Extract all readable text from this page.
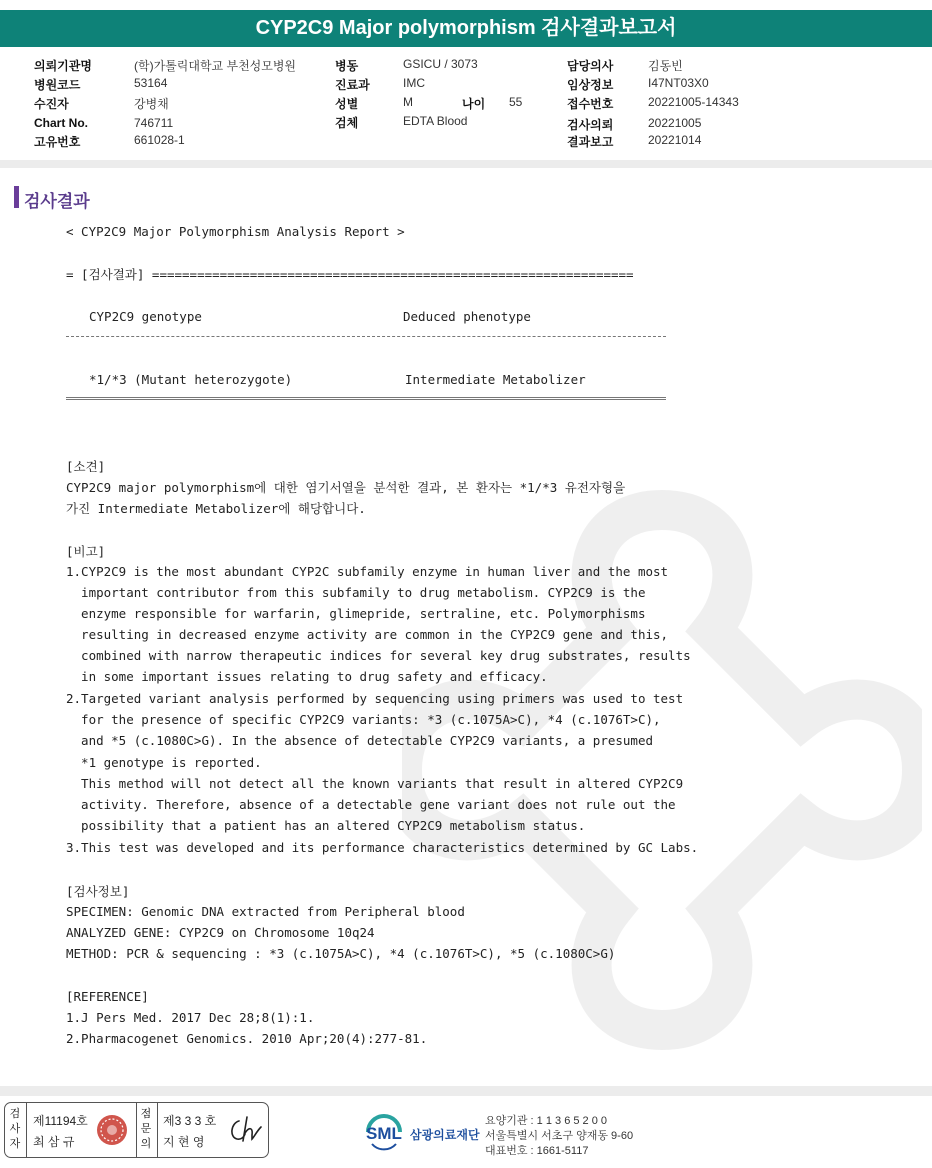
CYP2C9 Major polymorphism 검사결과보고서
의뢰기관명	(학)가톨릭대학교 부천성모병원
병원코드	53164
수진자	강병채
Chart No.	746711
고유번호	661028-1
병동	GSICU / 3073
진료과	IMC
성별	M	나이 55
검체	EDTA Blood
담당의사	김동빈
임상정보	I47NT03X0
접수번호	20221005-14343
검사의뢰	20221005
결과보고	20221014
검사결과
< CYP2C9 Major Polymorphism Analysis Report >
= [검사결과] ================================================================
CYP2C9 genotype	Deduced phenotype
*1/*3 (Mutant heterozygote)	Intermediate Metabolizer
[소견]
CYP2C9 major polymorphism에 대한 염기서열을 분석한 결과, 본 환자는 *1/*3 유전자형을
가진 Intermediate Metabolizer에 해당합니다.
[비고]
1.CYP2C9 is the most abundant CYP2C subfamily enzyme in human liver and the most
important contributor from this subfamily to drug metabolism. CYP2C9 is the
enzyme responsible for warfarin, glimepride, sertraline, etc. Polymorphisms
resulting in decreased enzyme activity are common in the CYP2C9 gene and this,
combined with narrow therapeutic indices for several key drug substrates, results
in some important issues relating to drug safety and efficacy.
2.Targeted variant analysis performed by sequencing using primers was used to test
for the presence of specific CYP2C9 variants: *3 (c.1075A>C), *4 (c.1076T>C),
and *5 (c.1080C>G). In the absence of detectable CYP2C9 variants, a presumed
*1 genotype is reported.
This method will not detect all the known variants that result in altered CYP2C9
activity. Therefore, absence of a detectable gene variant does not rule out the
possibility that a patient has an altered CYP2C9 metabolism status.
3.This test was developed and its performance characteristics determined by GC Labs.
[검사정보]
SPECIMEN: Genomic DNA extracted from Peripheral blood
ANALYZED GENE: CYP2C9 on Chromosome 10q24
METHOD: PCR & sequencing : *3 (c.1075A>C), *4 (c.1076T>C), *5 (c.1080C>G)
[REFERENCE]
1.J Pers Med. 2017 Dec 28;8(1):1.
2.Pharmacogenet Genomics. 2010 Apr;20(4):277-81.
검
사
자
제11194호
최 삼 규
점
문
의
제3 3 3 호
지 현 영	SML 삼광의료재단
요양기관 : 1 1 3 6 5 2 0 0
서울특별시 서초구 양재동 9-60
대표번호 : 1661-5117
